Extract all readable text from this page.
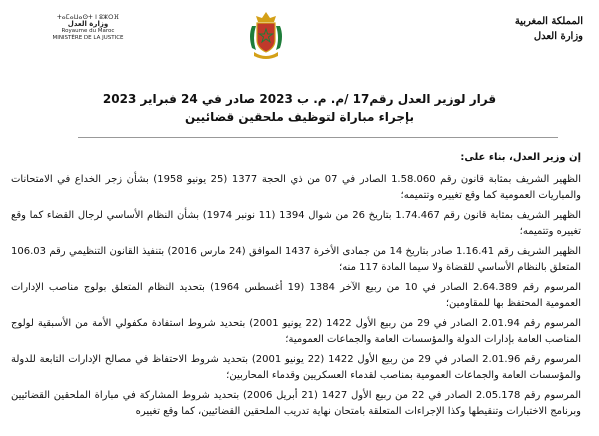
ⵜⴰⵎⴰⵡⴰⵙⵜ ⵏ ⵓⵣⵔⴼ
وزارة العدل
Royaume du Maroc
MINISTÈRE DE LA JUSTICE
المملكة المغربية
وزارة العدل

قرار لوزير العدل رقم17 /م. م. ب 2023 صادر في 24 فبراير 2023

بإجراء مباراة لتوظيف ملحقين قضائيين

إن وزير العدل، بناء على:

الظهير الشريف بمثابة قانون رقم 1.58.060 الصادر في 07 من ذي الحجة 1377 (25 يونيو 1958) بشأن زجر الخداع في الامتحانات والمباريات العمومية كما وقع تغييره وتتميمه؛

الظهير الشريف بمثابة قانون رقم 1.74.467 بتاريخ 26 من شوال 1394 (11 نونبر 1974) بشأن النظام الأساسي لرجال القضاء كما وقع تغييره وتتميمه؛

الظهير الشريف رقم 1.16.41 صادر بتاريخ 14 من جمادى الأخرة 1437 الموافق (24 مارس 2016) بتنفيذ القانون التنظيمي رقم 106.03 المتعلق بالنظام الأساسي للقضاة ولا سيما المادة 117 منه؛

المرسوم رقم 2.64.389 الصادر في 10 من ربيع الآخر 1384 (19 أغسطس 1964) بتحديد النظام المتعلق بولوج مناصب الإدارات العمومية المحتفظ بها للمقاومين؛

المرسوم رقم 2.01.94 الصادر في 29 من ربيع الأول 1422 (22 يونيو 2001) بتحديد شروط استفادة مكفولي الأمة من الأسبقية لولوج المناصب العامة بإدارات الدولة والمؤسسات العامة والجماعات العمومية؛

المرسوم رقم 2.01.96 الصادر في 29 من ربيع الأول 1422 (22 يونيو 2001) بتحديد شروط الاحتفاظ في مصالح الإدارات التابعة للدولة والمؤسسات العامة والجماعات العمومية بمناصب لقدماء العسكريين وقدماء المحاربين؛

المرسوم رقم 2.05.178 الصادر في 22 من ربيع الأول 1427 (21 أبريل 2006) بتحديد شروط المشاركة في مباراة الملحقين القضائيين وبرنامج الاختبارات وتنقيطها وكذا الإجراءات المتعلقة بامتحان نهاية تدريب الملحقين القضائيين، كما وقع تغييره
